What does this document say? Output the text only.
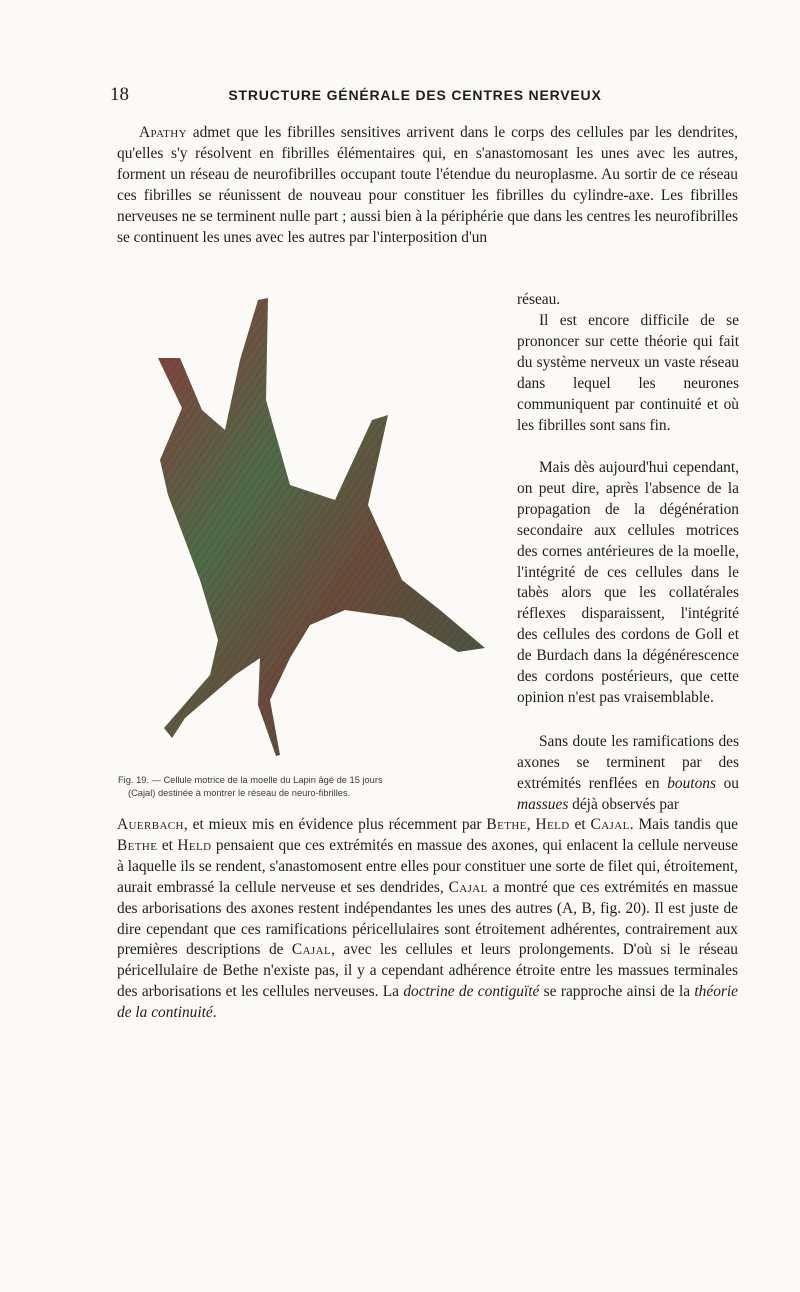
18	STRUCTURE GÉNÉRALE DES CENTRES NERVEUX
Apathy admet que les fibrilles sensitives arrivent dans le corps des cellules par les dendrites, qu'elles s'y résolvent en fibrilles élémentaires qui, en s'anastomosant les unes avec les autres, forment un réseau de neurofibrilles occupant toute l'étendue du neuroplasme. Au sortir de ce réseau ces fibrilles se réunissent de nouveau pour constituer les fibrilles du cylindre-axe. Les fibrilles nerveuses ne se terminent nulle part ; aussi bien à la périphérie que dans les centres les neurofibrilles se continuent les unes avec les autres par l'interposition d'un
réseau.
Il est encore difficile de se prononcer sur cette théorie qui fait du système nerveux un vaste réseau dans lequel les neurones communiquent par continuité et où les fibrilles sont sans fin.
Mais dès aujourd'hui cependant, on peut dire, après l'absence de la propagation de la dégénération secondaire aux cellules motrices des cornes antérieures de la moelle, l'intégrité de ces cellules dans le tabès alors que les collatérales réflexes disparaissent, l'intégrité des cellules des cordons de Goll et de Burdach dans la dégénérescence des cordons postérieurs, que cette opinion n'est pas vraisemblable.
Sans doute les ramifications des axones se terminent par des extrémités renflées en boutons ou massues déjà observés par
Auerbach, et mieux mis en évidence plus récemment par Bethe, Held et Cajal. Mais tandis que Bethe et Held pensaient que ces extrémités en massue des axones, qui enlacent la cellule nerveuse à laquelle ils se rendent, s'anastomosent entre elles pour constituer une sorte de filet qui, étroitement, aurait embrassé la cellule nerveuse et ses dendrides, Cajal a montré que ces extrémités en massue des arborisations des axones restent indépendantes les unes des autres (A, B, fig. 20). Il est juste de dire cependant que ces ramifications péricellulaires sont étroitement adhérentes, contrairement aux premières descriptions de Cajal, avec les cellules et leurs prolongements. D'où si le réseau péricellulaire de Bethe n'existe pas, il y a cependant adhérence étroite entre les massues terminales des arborisations et les cellules nerveuses. La doctrine de contiguïté se rapproche ainsi de la théorie de la continuité.
Fig. 19. — Cellule motrice de la moelle du Lapin âgé de 15 jours
(Cajal) destinée à montrer le réseau de neuro-fibrilles.
